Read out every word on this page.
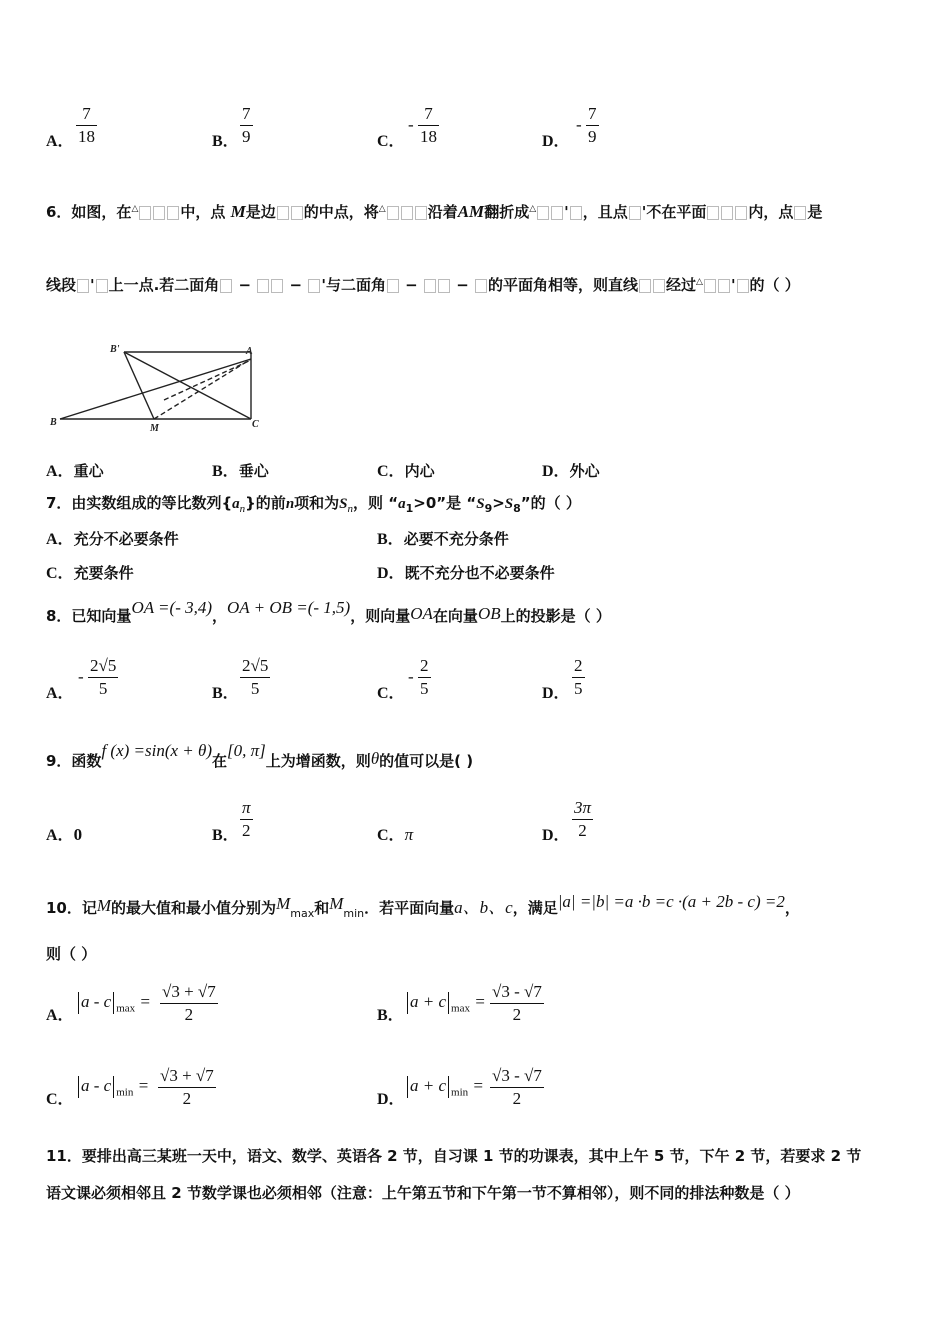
A．
7
18	B．
7
9	C．
-
7
18	D．
-
7
9
6．如图，在△	中，点 M是边 的中点，将△	沿着AM翻折成△ ' ，且点 '不在平面	内，点 是
线段 ' 上一点.若二面角 −  − '与二面角 −  − 的平面角相等，则直线 经过△ ' 的（ ）
B'	A
B
M	C
A．重心	B．垂心	C．内心	D．外心
7．由实数组成的等比数列$\{a_n\}$的前n项和为$S_n$，则 “$a_1>0$”是 “$S_9>S_8$”的（ ）
A．充分不必要条件	B．必要不充分条件
C．充要条件	D．既不充分也不必要条件
8．已知向量OA =(- 3,4)，OA + OB =(- 1,5)，则向量OA在向量OB上的投影是（ ）
A．
-
2√5
5	B．
2√5
5	C．
-
2
5	D．
2
5
9．函数f (x) =sin(x + θ)在[0, π]上为增函数，则θ的值可以是( )
A．0	B．
π
2	C．π	D．
3π
2
10．记M的最大值和最小值分别为$M_{max}$和$M_{min}$．若平面向量a、b、c，满足|a| =|b| =a ·b =c ·(a + 2b - c) =2，
则（ ）
A．
a - c $_{max}$ =
√3 + √7
2	B．
a + c $_{max}$ =
√3 - √7
2
C．
a - c $_{min}$ =
√3 + √7
2	D．
a + c $_{min}$ =
√3 - √7
2
11．要排出高三某班一天中，语文、数学、英语各 2 节，自习课 1 节的功课表，其中上午 5 节，下午 2 节，若要求 2 节
语文课必须相邻且 2 节数学课也必须相邻（注意：上午第五节和下午第一节不算相邻），则不同的排法种数是（ ）
